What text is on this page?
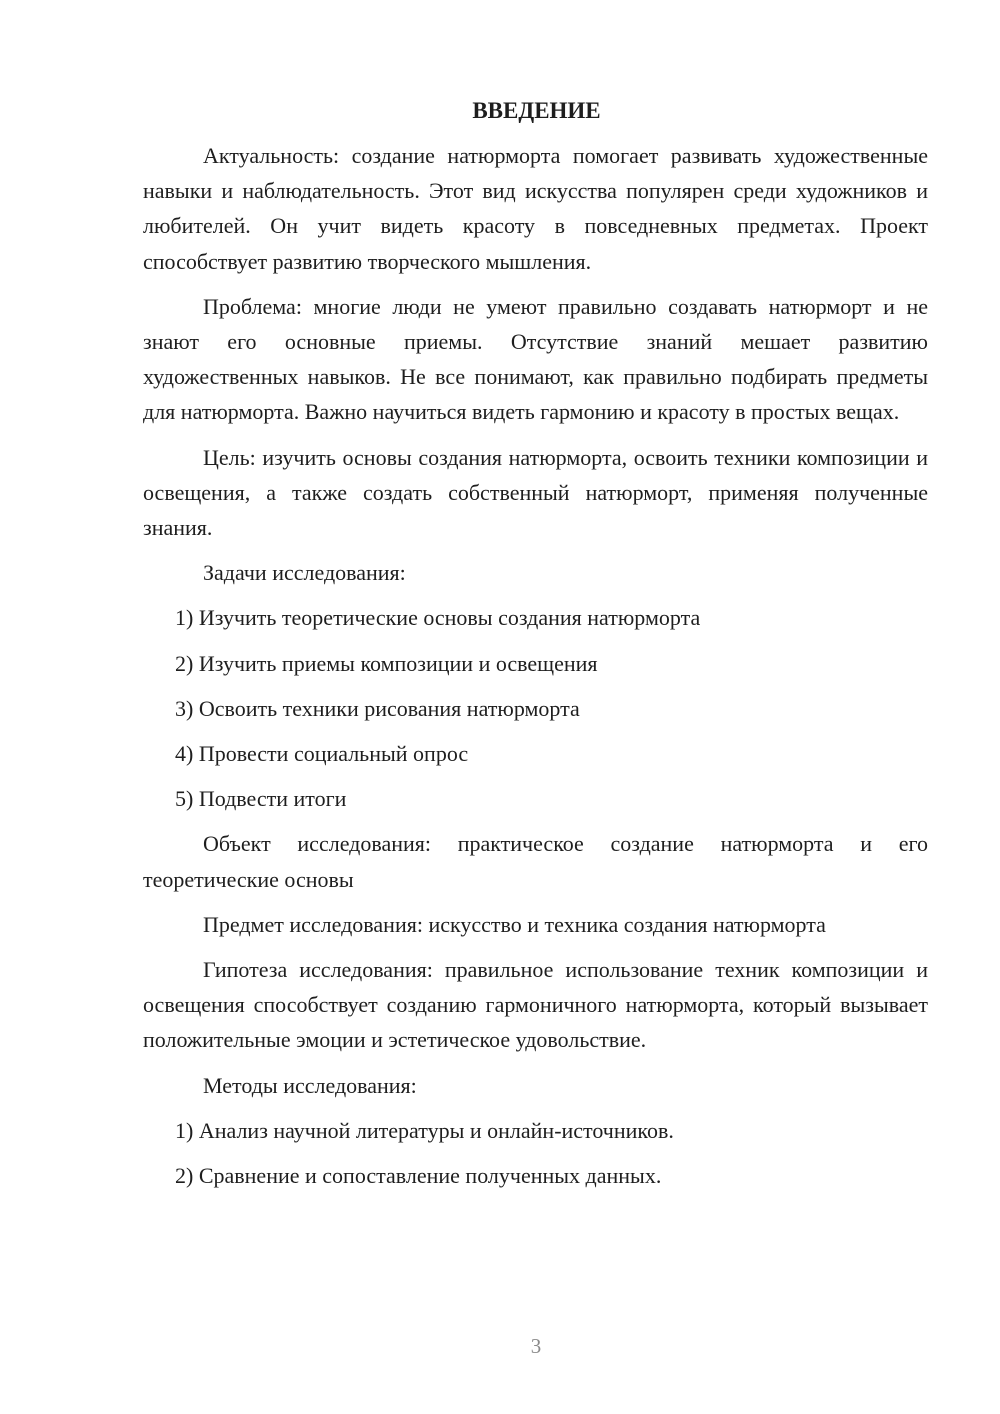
ВВЕДЕНИЕ

Актуальность: создание натюрморта помогает развивать художественные навыки и наблюдательность. Этот вид искусства популярен среди художников и любителей. Он учит видеть красоту в повседневных предметах. Проект способствует развитию творческого мышления.

Проблема: многие люди не умеют правильно создавать натюрморт и не знают его основные приемы. Отсутствие знаний мешает развитию художественных навыков. Не все понимают, как правильно подбирать предметы для натюрморта. Важно научиться видеть гармонию и красоту в простых вещах.

Цель: изучить основы создания натюрморта, освоить техники композиции и освещения, а также создать собственный натюрморт, применяя полученные знания.

Задачи исследования:
1) Изучить теоретические основы создания натюрморта
2) Изучить приемы композиции и освещения
3) Освоить техники рисования натюрморта
4) Провести социальный опрос
5) Подвести итоги

Объект исследования: практическое создание натюрморта и его теоретические основы

Предмет исследования: искусство и техника создания натюрморта

Гипотеза исследования: правильное использование техник композиции и освещения способствует созданию гармоничного натюрморта, который вызывает положительные эмоции и эстетическое удовольствие.

Методы исследования:
1) Анализ научной литературы и онлайн-источников.
2) Сравнение и сопоставление полученных данных.
3
